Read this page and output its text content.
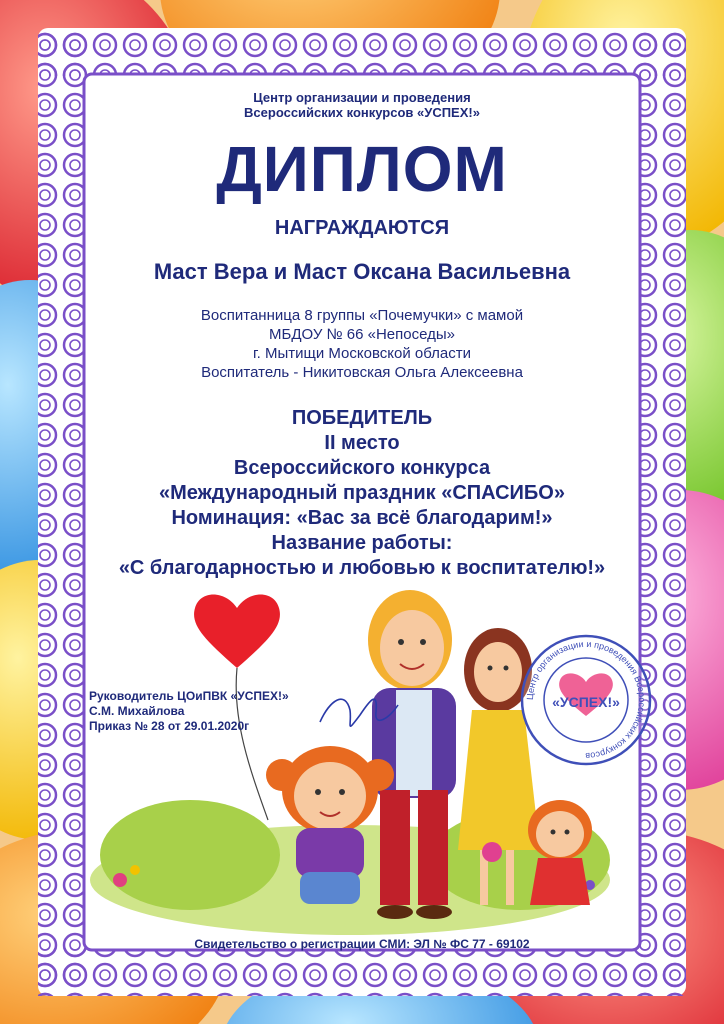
«УСПЕХ!»
Центр организации и проведения Всероссийских конкурсов
Центр организации и проведения
Всероссийских конкурсов «УСПЕХ!»
ДИПЛОМ
НАГРАЖДАЮТСЯ
Маст Вера и Маст Оксана Васильевна
Воспитанница 8 группы «Почемучки» с мамой
МБДОУ № 66 «Непоседы»
г. Мытищи Московской области
Воспитатель - Никитовская Ольга Алексеевна
ПОБЕДИТЕЛЬ
II место
Всероссийского конкурса
«Международный праздник «СПАСИБО»
Номинация: «Вас за всё благодарим!»
Название работы:
«С благодарностью и любовью к воспитателю!»
Руководитель ЦОиПВК «УСПЕХ!»
С.М. Михайлова
Приказ № 28 от 29.01.2020г
Свидетельство о регистрации СМИ: ЭЛ № ФС 77 - 69102
